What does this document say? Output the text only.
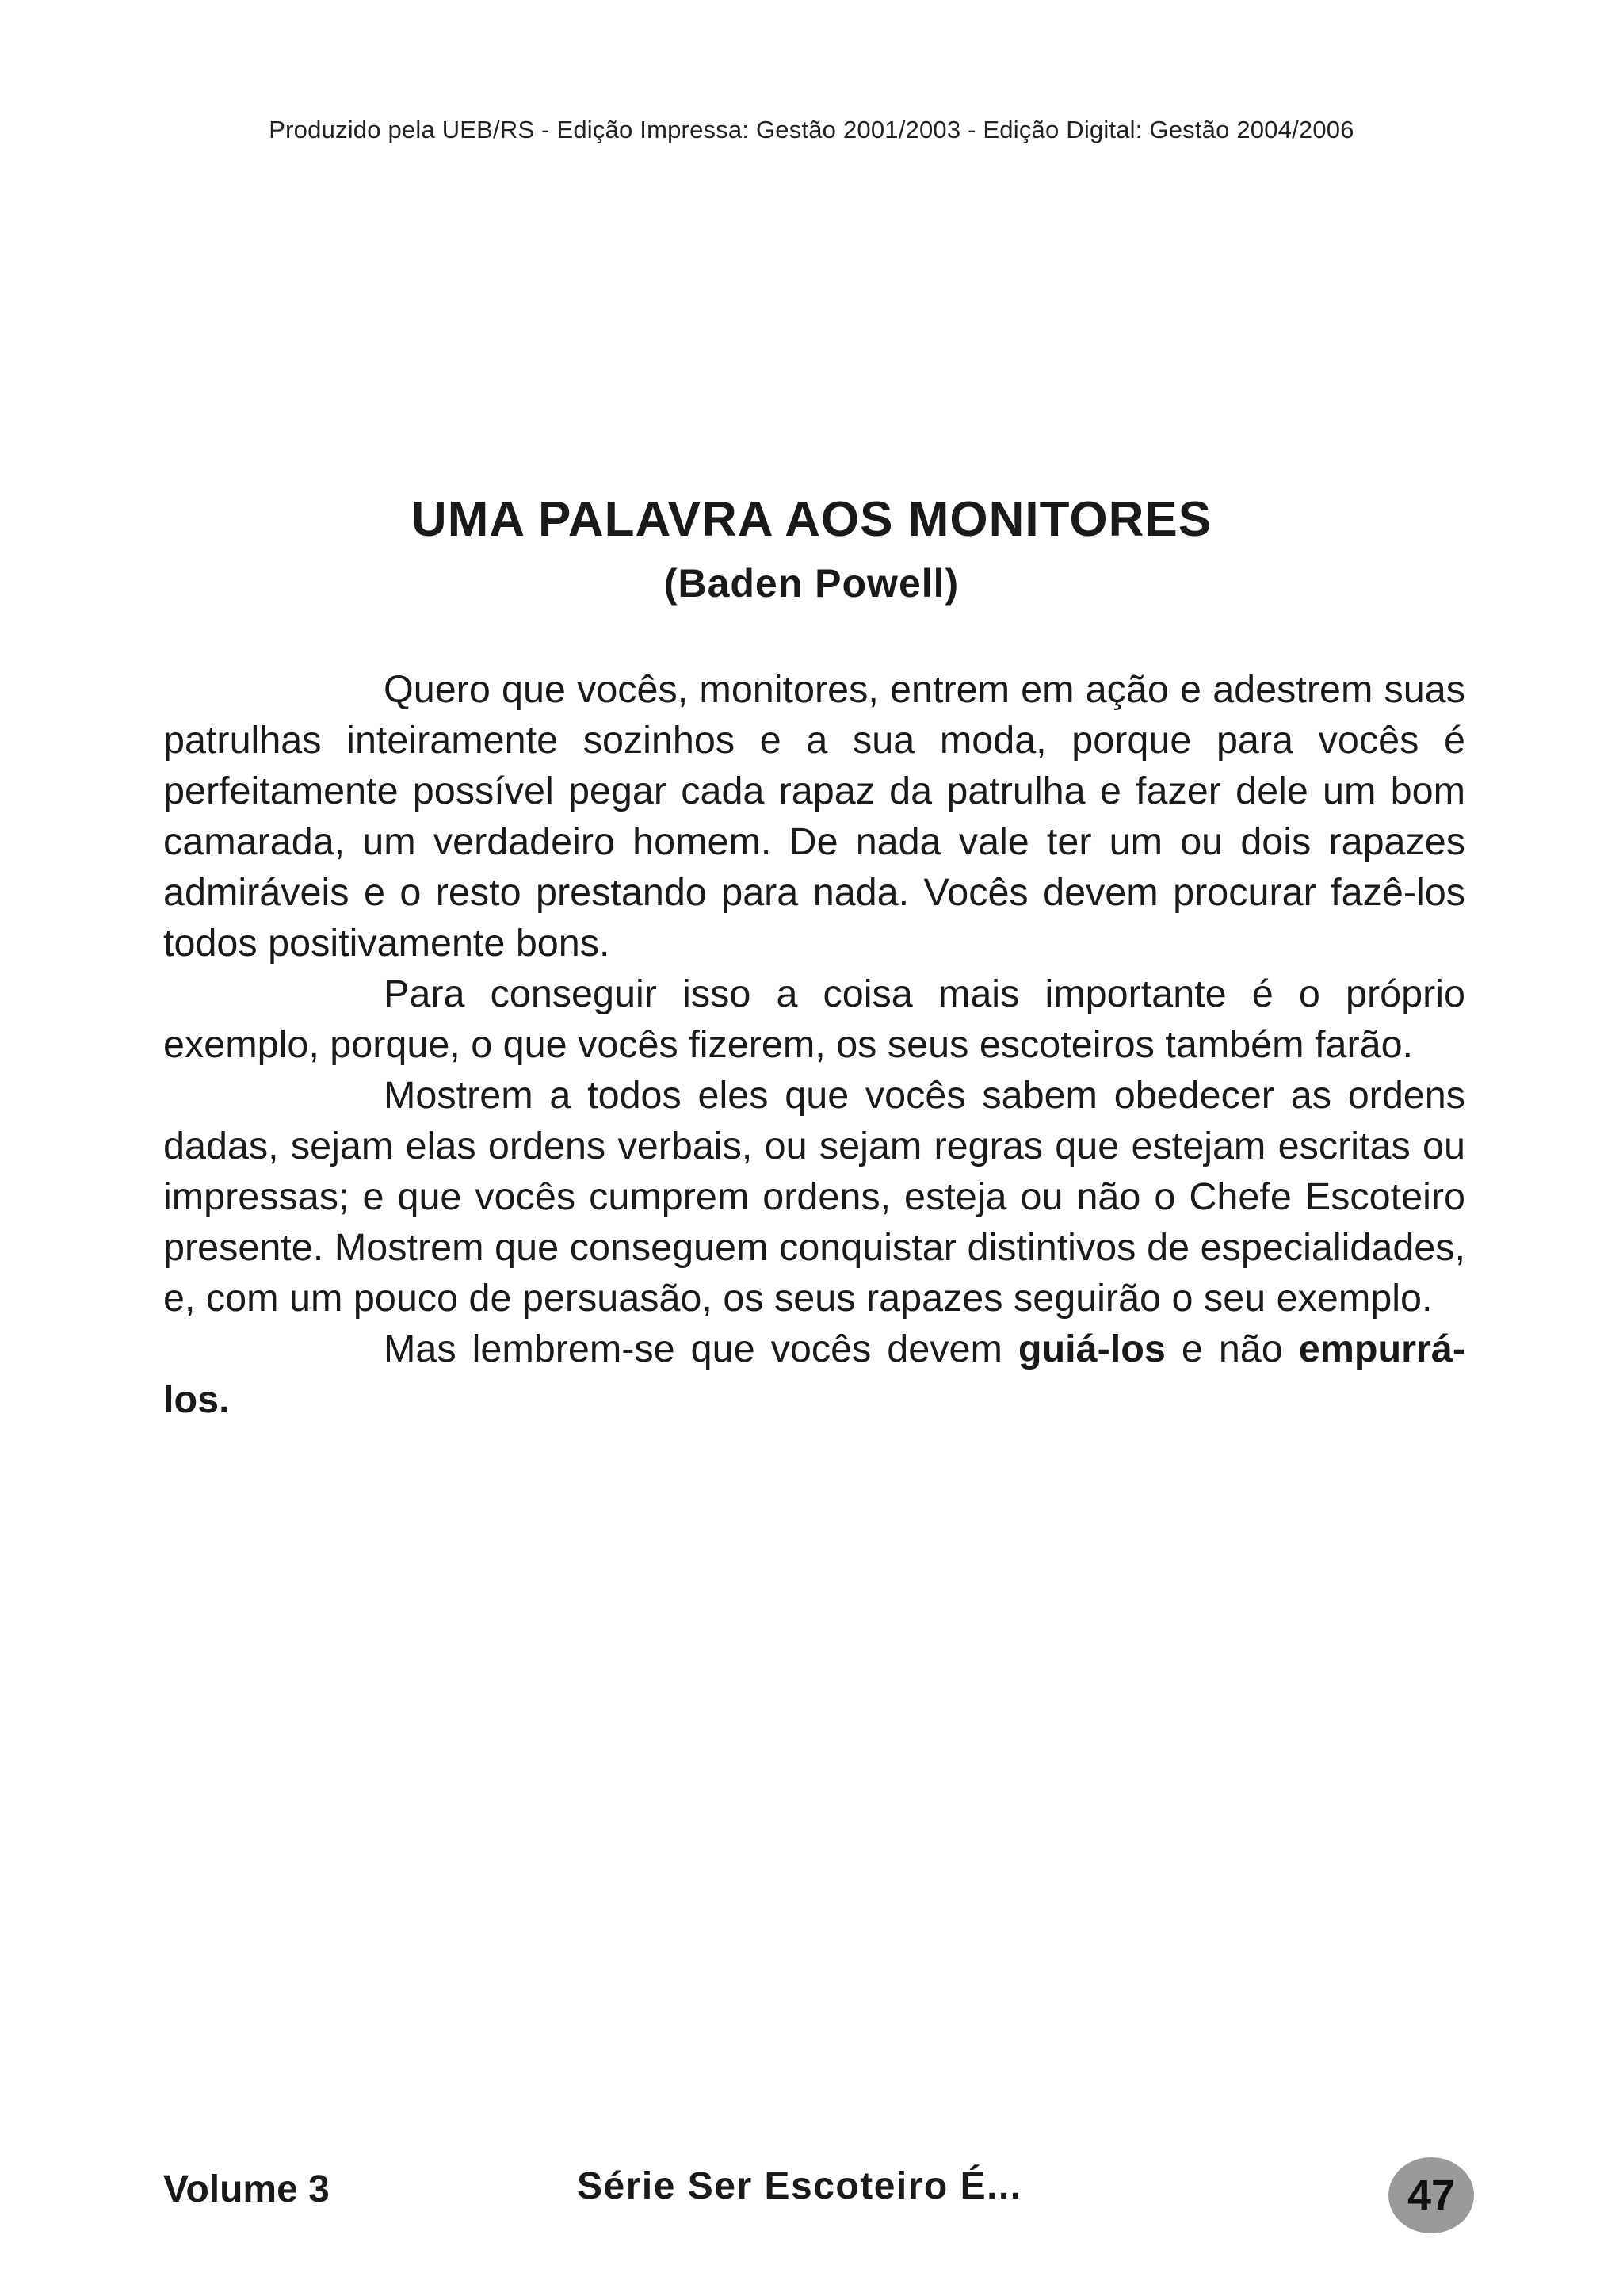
Produzido pela UEB/RS - Edição Impressa: Gestão 2001/2003 - Edição Digital: Gestão 2004/2006
UMA PALAVRA AOS MONITORES
(Baden Powell)

Quero que vocês, monitores, entrem em ação e adestrem suas patrulhas inteiramente sozinhos e a sua moda, porque para vocês é perfeitamente possível pegar cada rapaz da patrulha e fazer dele um bom camarada, um verdadeiro homem. De nada vale ter um ou dois rapazes admiráveis e o resto prestando para nada. Vocês devem procurar fazê-los todos positivamente bons.

Para conseguir isso a coisa mais importante é o próprio exemplo, porque, o que vocês fizerem, os seus escoteiros também farão.

Mostrem a todos eles que vocês sabem obedecer as ordens dadas, sejam elas ordens verbais, ou sejam regras que estejam escritas ou impressas; e que vocês cumprem ordens, esteja ou não o Chefe Escoteiro presente. Mostrem que conseguem conquistar distintivos de especialidades, e, com um pouco de persuasão, os seus rapazes seguirão o seu exemplo.

Mas lembrem-se que vocês devem guiá-los e não empurrá-los.

Volume 3	Série Ser Escoteiro É...	47
